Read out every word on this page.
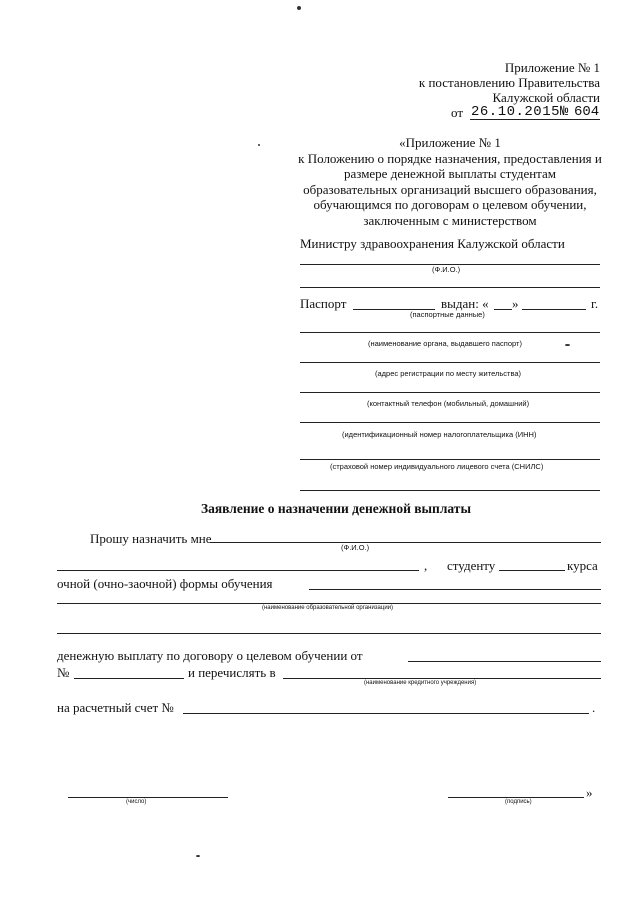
Приложение № 1
к постановлению Правительства
Калужской области
от 26.10.2015 № 604
«Приложение № 1
к Положению о порядке назначения, предоставления и
размере денежной выплаты студентам
образовательных организаций высшего образования,
обучающимся по договорам о целевом обучении,
заключенным с министерством
Министру здравоохранения Калужской области
(Ф.И.О.)
Паспорт	выдан: « »	г.
(паспортные данные)
(наименование органа, выдавшего паспорт)
(адрес регистрации по месту жительства)
(контактный телефон (мобильный, домашний)
(идентификационный номер налогоплательщика (ИНН)
(страховой номер индивидуального лицевого счета (СНИЛС)
Заявление о назначении денежной выплаты
Прошу назначить мне
(Ф.И.О.)
, студенту	курса
очной (очно-заочной) формы обучения
(наименование образовательной организации)
денежную выплату по договору о целевом обучении от
№	и перечислять в
(наименование кредитного учреждения)
на расчетный счет №	.
(число)	(подпись)
»
